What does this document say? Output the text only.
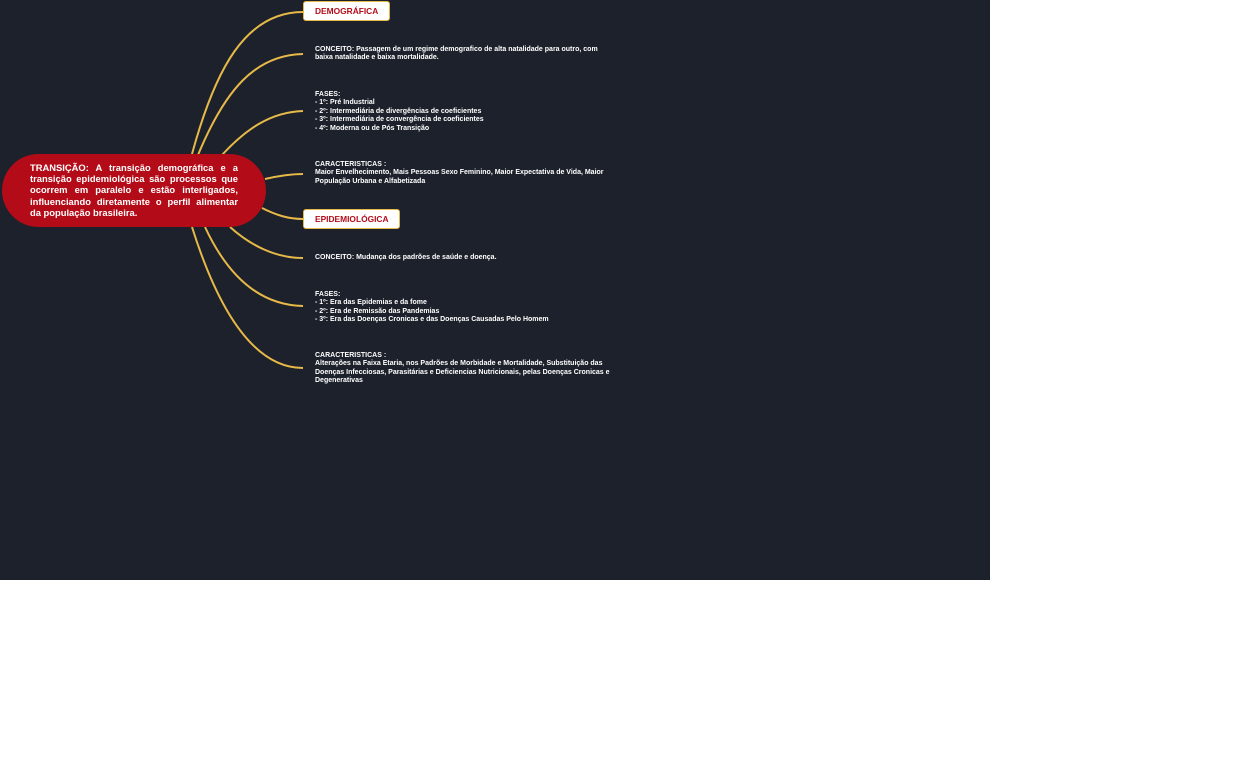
TRANSIÇÃO: A transição demográfica e a transição epidemiológica são processos que ocorrem em paralelo e estão interligados, influenciando diretamente o perfil alimentar da população brasileira.
DEMOGRÁFICA
CONCEITO: Passagem de um regime demografico de alta natalidade para outro, com baixa natalidade e baixa mortalidade.
FASES:
- 1º: Pré Industrial
- 2º: Intermediária de divergências de coeficientes
- 3º: Intermediária de convergência de coeficientes
- 4º: Moderna ou de Pós Transição
CARACTERISTICAS :
Maior Envelhecimento, Mais Pessoas Sexo Feminino, Maior Expectativa de Vida, Maior População Urbana e Alfabetizada
EPIDEMIOLÓGICA
CONCEITO: Mudança dos padrões de saúde e doença.
FASES:
- 1º: Era das Epidemias e da fome
- 2º: Era de Remissão das Pandemias
- 3º: Era das Doenças Cronicas e das Doenças Causadas Pelo Homem
CARACTERISTICAS :
Alterações na Faixa Etaria, nos Padrões de Morbidade e Mortalidade, Substituição das Doenças Infecciosas, Parasitárias e Deficiencias Nutricionais, pelas Doenças Cronicas e Degenerativas
